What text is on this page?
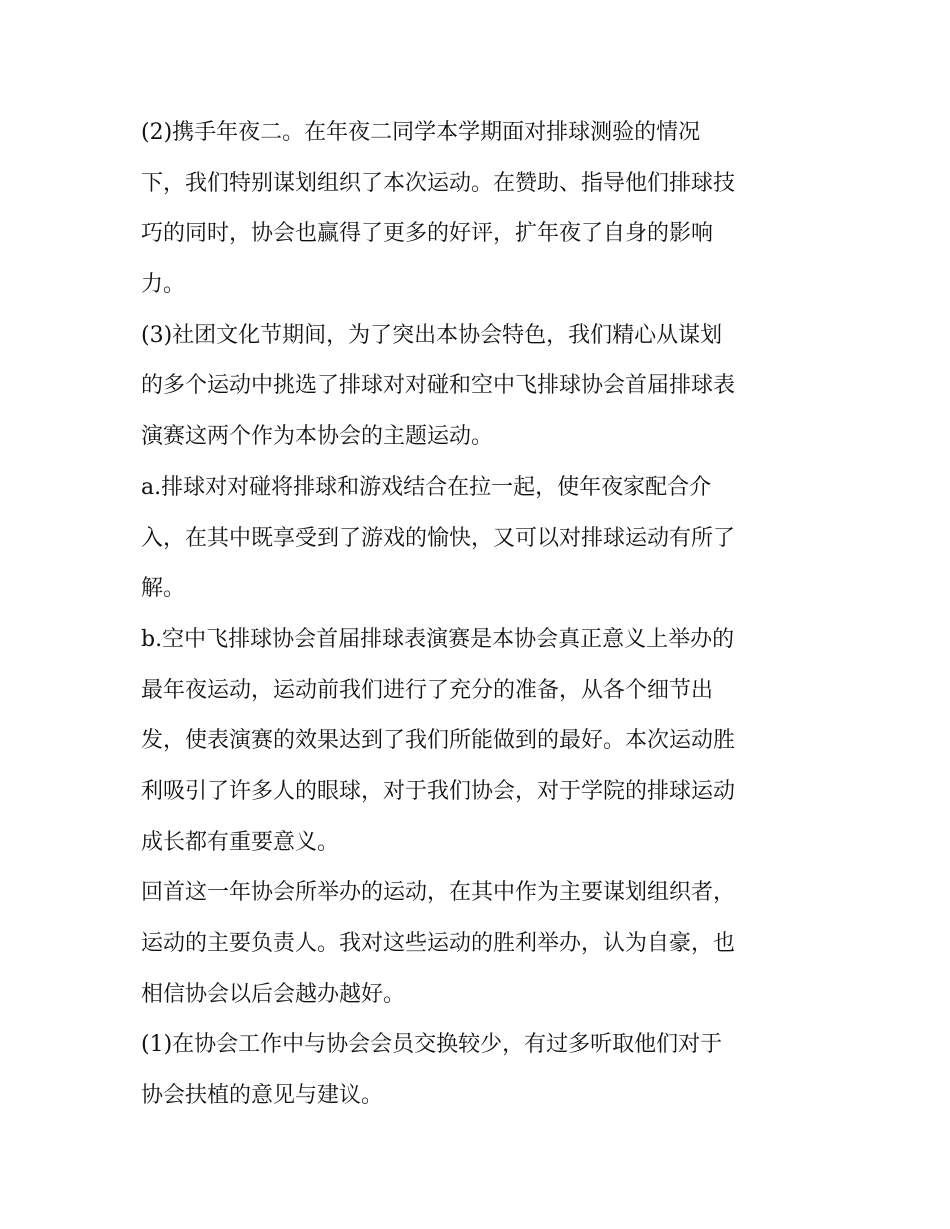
(2)携手年夜二。在年夜二同学本学期面对排球测验的情况
下，我们特别谋划组织了本次运动。在赞助、指导他们排球技
巧的同时，协会也赢得了更多的好评，扩年夜了自身的影响
力。
(3)社团文化节期间，为了突出本协会特色，我们精心从谋划
的多个运动中挑选了排球对对碰和空中飞排球协会首届排球表
演赛这两个作为本协会的主题运动。
a.排球对对碰将排球和游戏结合在拉一起，使年夜家配合介
入，在其中既享受到了游戏的愉快，又可以对排球运动有所了
解。
b.空中飞排球协会首届排球表演赛是本协会真正意义上举办的
最年夜运动，运动前我们进行了充分的准备，从各个细节出
发，使表演赛的效果达到了我们所能做到的最好。本次运动胜
利吸引了许多人的眼球，对于我们协会，对于学院的排球运动
成长都有重要意义。
回首这一年协会所举办的运动，在其中作为主要谋划组织者，
运动的主要负责人。我对这些运动的胜利举办，认为自豪，也
相信协会以后会越办越好。
(1)在协会工作中与协会会员交换较少，有过多听取他们对于
协会扶植的意见与建议。
